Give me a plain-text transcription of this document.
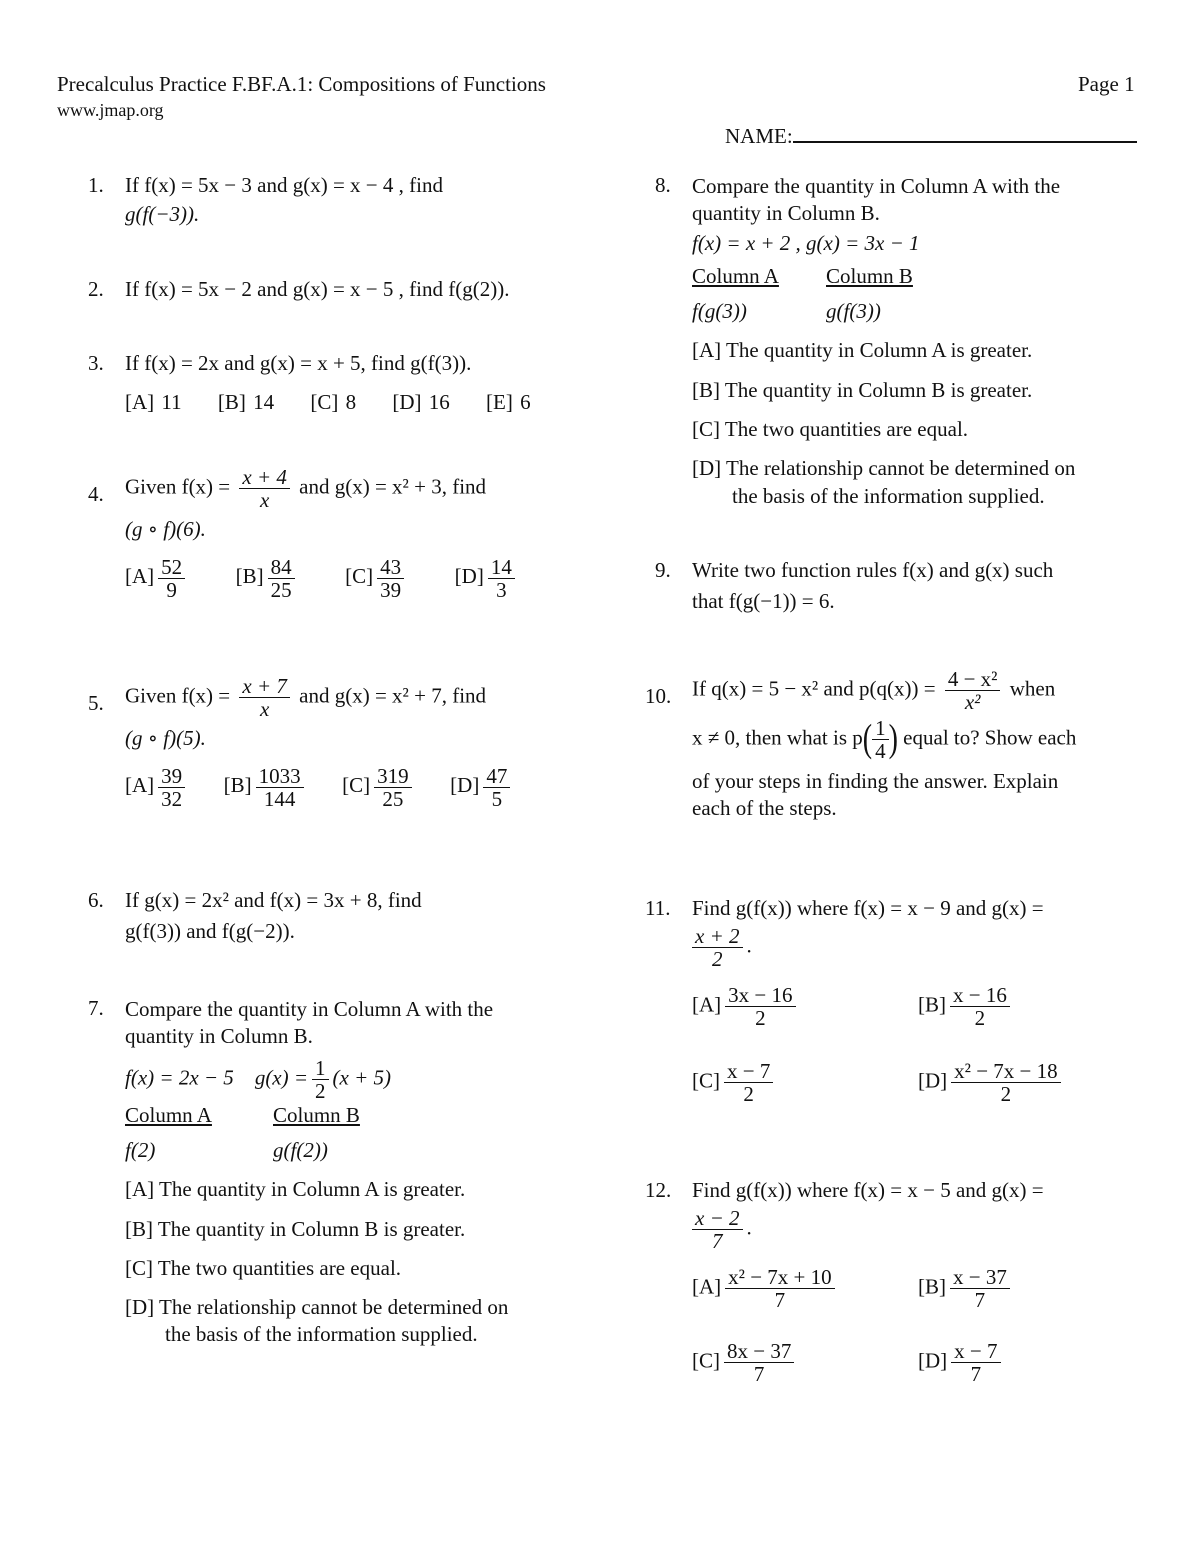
Precalculus Practice F.BF.A.1: Compositions of Functions
www.jmap.org
Page 1
NAME:
1. If f(x) = 5x − 3 and g(x) = x − 4 , find
g(f(−3)).
2. If f(x) = 5x − 2 and g(x) = x − 5 , find f(g(2)).
3. If f(x) = 2x and g(x) = x + 5, find g(f(3)).
[A] 11 [B] 14 [C] 8 [D] 16 [E] 6
4. Given $f(x) = \frac{x + 4}{x}$ and g(x) = x² + 3, find
(g ∘ f)(6).
$[A] \frac{52}{9} [B] \frac{84}{25} [C] \frac{43}{39} [D] \frac{14}{3}$
5. Given $f(x) = \frac{x + 7}{x}$ and g(x) = x² + 7, find
(g ∘ f)(5).
$[A] \frac{39}{32} [B] \frac{1033}{144} [C] \frac{319}{25} [D] \frac{47}{5}$
6. If g(x) = 2x² and f(x) = 3x + 8, find
g(f(3)) and f(g(−2)).
7. Compare the quantity in Column A with the
quantity in Column B.
f(x) = 2x − 5 $g(x) = \frac{1}{2} (x + 5)$
Column A	Column B
f(2)	g(f(2))
[A] The quantity in Column A is greater.
[B] The quantity in Column B is greater.
[C] The two quantities are equal.
[D] The relationship cannot be determined on
the basis of the information supplied.
8. Compare the quantity in Column A with the
quantity in Column B.
f(x) = x + 2 , g(x) = 3x − 1
Column A Column B
f(g(3))	g(f(3))
[A] The quantity in Column A is greater.
[B] The quantity in Column B is greater.
[C] The two quantities are equal.
[D] The relationship cannot be determined on
the basis of the information supplied.
9. Write two function rules f(x) and g(x) such
that f(g(−1)) = 6.
10. If q(x) = 5 − x² and $p(q(x)) = \frac{\text{4 − x²}}{\text{x²}}$ when
x ≠ 0, then what is $p( \frac{1}{4}$ ) equal to? Show each
of your steps in finding the answer. Explain
each of the steps.
11. Find g(f(x)) where f(x) = x − 9 and g(x) =
$\frac{x + 2}{2}$ .
$[A] \frac{3x - 16}{2}$	$[B] \frac{x - 16}{2}$
$[C] \frac{x - 7}{2}$	$[D] \frac{\text{x² − 7x − 18}}{2}$
12. Find g(f(x)) where f(x) = x − 5 and g(x) =
$\frac{x - 2}{7}$ .
$[A] \frac{\text{x² − 7x + 10}}{7}$	$[B] \frac{x - 37}{7}$
$[C] \frac{8x - 37}{7}$	$[D] \frac{x - 7}{7}$
